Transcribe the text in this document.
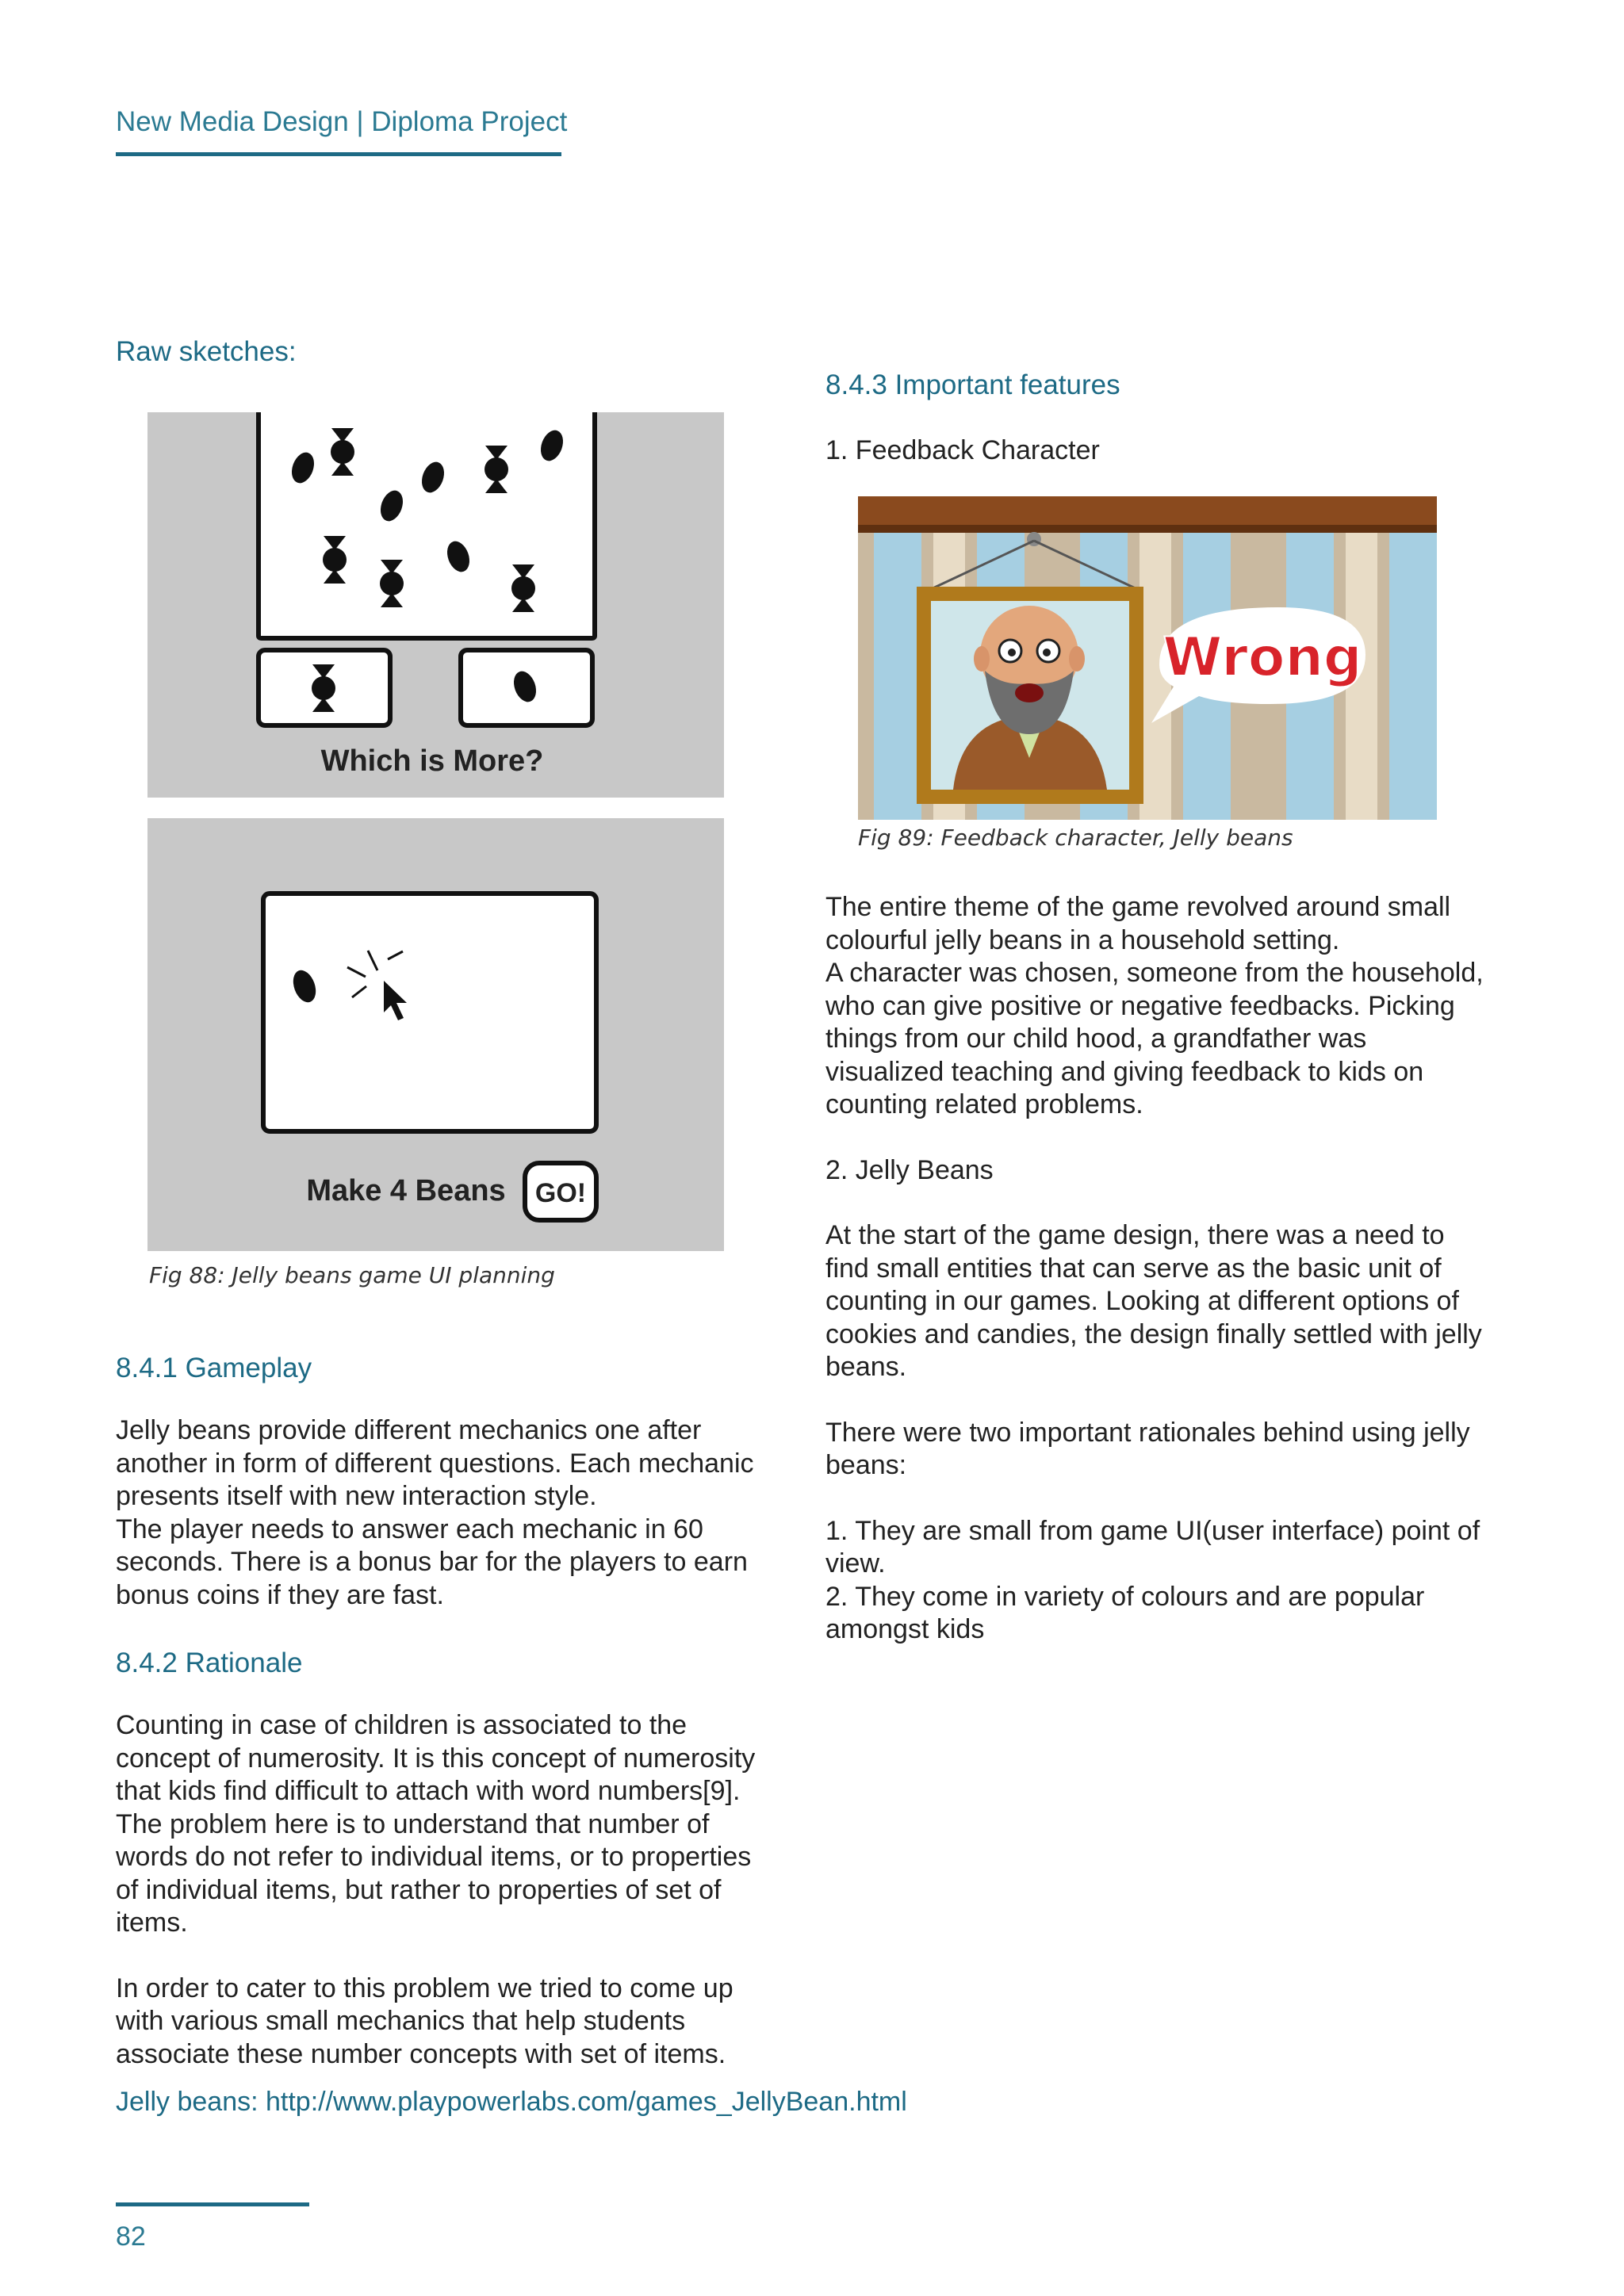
New Media Design | Diploma Project
Raw sketches:
Which is More?
Make 4 Beans GO!
Fig 88: Jelly beans game UI planning
8.4.1 Gameplay

Jelly beans provide different mechanics one after another in form of different questions. Each mechanic presents itself with new interaction style.

The player needs to answer each mechanic in 60 seconds. There is a bonus bar for the players to earn bonus coins if they are fast.

8.4.2 Rationale

Counting in case of children is associated to the concept of numerosity. It is this concept of numerosity that kids find difficult to attach with word numbers[9]. The problem here is to understand that number of words do not refer to individual items, or to properties of individual items, but rather to properties of set of items.

In order to cater to this problem we tried to come up with various small mechanics that help students associate these number concepts with set of items.

Jelly beans: http://www.playpowerlabs.com/games_JellyBean.html
8.4.3 Important features
1. Feedback Character
Wrong
Fig 89: Feedback character, Jelly beans

The entire theme of the game revolved around small colourful jelly beans in a household setting.

A character was chosen, someone from the household, who can give positive or negative feedbacks. Picking things from our child hood, a grandfather was visualized teaching and giving feedback to kids on counting related problems.

2. Jelly Beans

At the start of the game design, there was a need to find small entities that can serve as the basic unit of counting in our games. Looking at different options of cookies and candies, the design finally settled with jelly beans.

There were two important rationales behind using jelly beans:

1. They are small from game UI(user interface) point of view.

2. They come in variety of colours and are popular amongst kids

82
